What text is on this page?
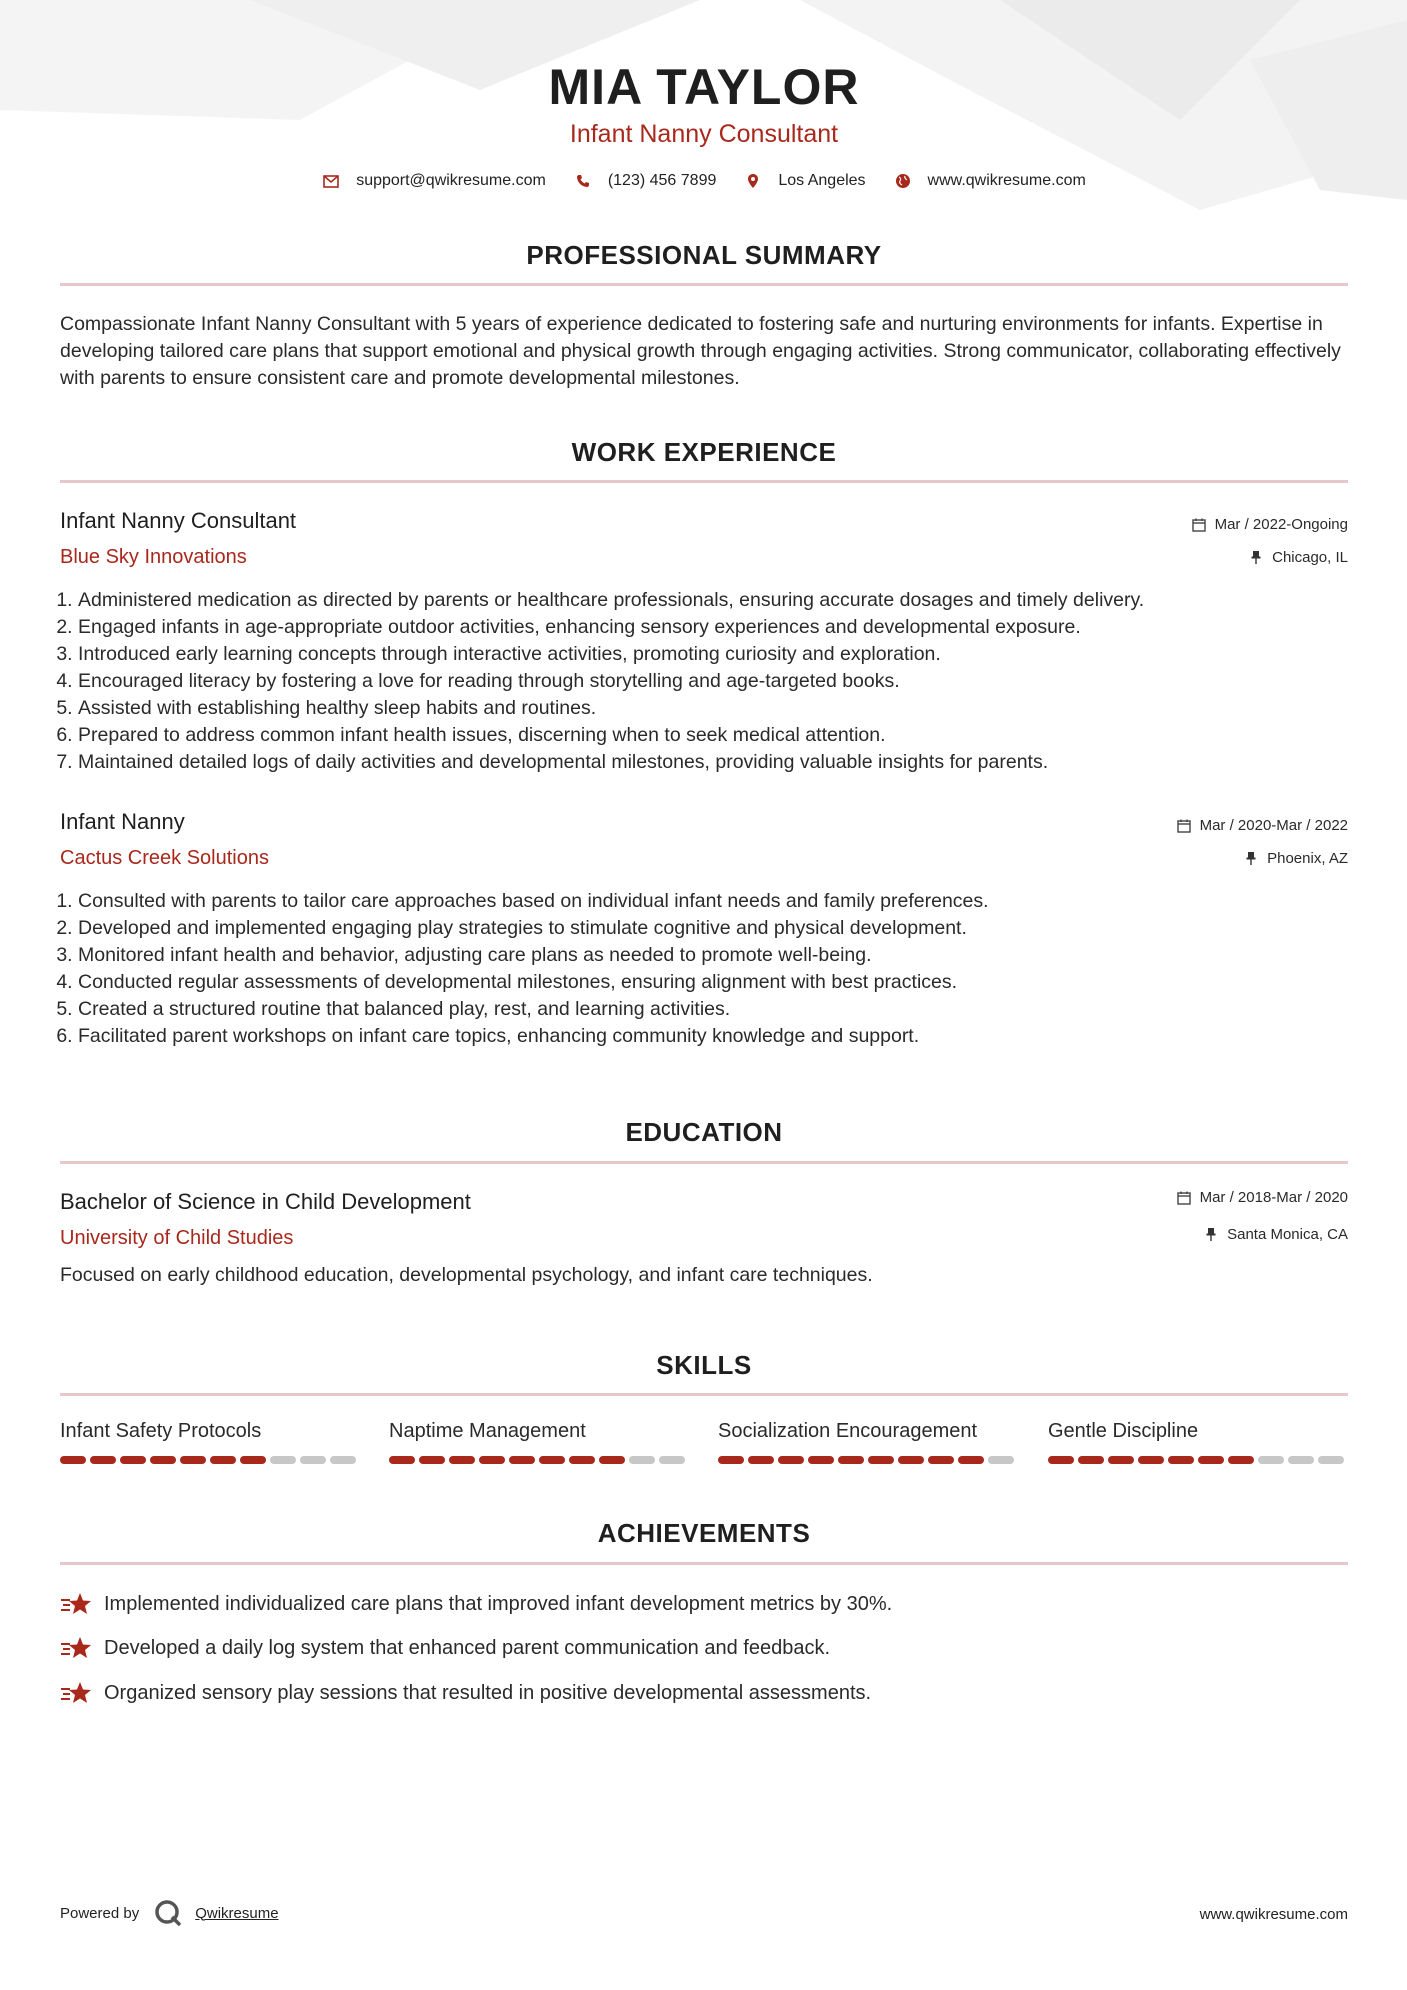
MIA TAYLOR
Infant Nanny Consultant
support@qwikresume.com	(123) 456 7899	Los Angeles	www.qwikresume.com
PROFESSIONAL SUMMARY
Compassionate Infant Nanny Consultant with 5 years of experience dedicated to fostering safe and nurturing environments for infants. Expertise in developing tailored care plans that support emotional and physical growth through engaging activities. Strong communicator, collaborating effectively with parents to ensure consistent care and promote developmental milestones.
WORK EXPERIENCE
Infant Nanny Consultant	Mar / 2022-Ongoing
Blue Sky Innovations	Chicago, IL
1. Administered medication as directed by parents or healthcare professionals, ensuring accurate dosages and timely delivery.
2. Engaged infants in age-appropriate outdoor activities, enhancing sensory experiences and developmental exposure.
3. Introduced early learning concepts through interactive activities, promoting curiosity and exploration.
4. Encouraged literacy by fostering a love for reading through storytelling and age-targeted books.
5. Assisted with establishing healthy sleep habits and routines.
6. Prepared to address common infant health issues, discerning when to seek medical attention.
7. Maintained detailed logs of daily activities and developmental milestones, providing valuable insights for parents.
Infant Nanny	Mar / 2020-Mar / 2022
Cactus Creek Solutions	Phoenix, AZ
1. Consulted with parents to tailor care approaches based on individual infant needs and family preferences.
2. Developed and implemented engaging play strategies to stimulate cognitive and physical development.
3. Monitored infant health and behavior, adjusting care plans as needed to promote well-being.
4. Conducted regular assessments of developmental milestones, ensuring alignment with best practices.
5. Created a structured routine that balanced play, rest, and learning activities.
6. Facilitated parent workshops on infant care topics, enhancing community knowledge and support.
EDUCATION
Bachelor of Science in Child Development	Mar / 2018-Mar / 2020
University of Child Studies	Santa Monica, CA
Focused on early childhood education, developmental psychology, and infant care techniques.
SKILLS
Infant Safety Protocols	Naptime Management	Socialization Encouragement	Gentle Discipline
ACHIEVEMENTS
Implemented individualized care plans that improved infant development metrics by 30%.
Developed a daily log system that enhanced parent communication and feedback.
Organized sensory play sessions that resulted in positive developmental assessments.
Powered by	Qwikresume	www.qwikresume.com
